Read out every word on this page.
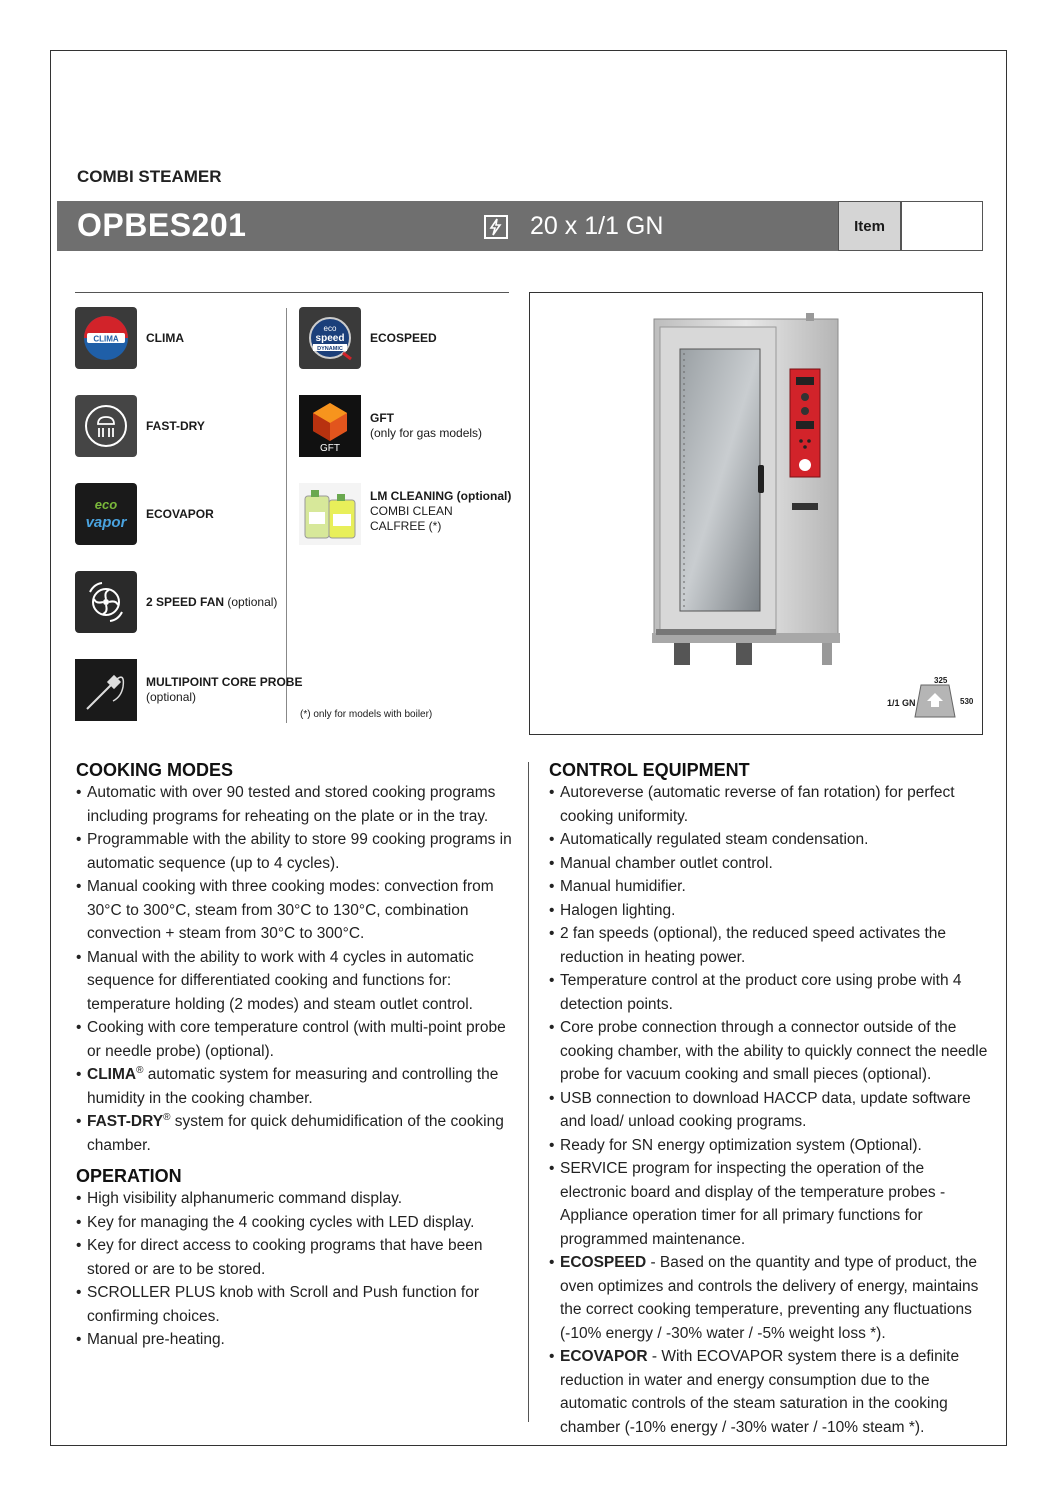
COMBI STEAMER
OPBES201	20 x 1/1 GN	Item
CLIMA CLIMA
FAST-DRY
eco
vapor
ECOVAPOR
2 SPEED FAN (optional)
MULTIPOINT CORE PROBE
(optional)
eco
speed
DYNAMIC
ECOSPEED
GFT
GFT
(only for gas models)
LM CLEANING (optional)
COMBI CLEAN
CALFREE (*)
(*) only for models with boiler)
1/1 GN
325
530
COOKING MODES
• Automatic with over 90 tested and stored cooking programs including programs for reheating on the plate or in the tray.
• Programmable with the ability to store 99 cooking programs in automatic sequence (up to 4 cycles).
• Manual cooking with three cooking modes: convection from 30°C to 300°C, steam from 30°C to 130°C, combination convection + steam from 30°C to 300°C.
• Manual with the ability to work with 4 cycles in automatic sequence for differentiated cooking and functions for: temperature holding (2 modes) and steam outlet control.
• Cooking with core temperature control (with multi-point probe or needle probe) (optional).
• CLIMA® automatic system for measuring and controlling the humidity in the cooking chamber.
• FAST-DRY® system for quick dehumidification of the cooking chamber.
OPERATION
• High visibility alphanumeric command display.
• Key for managing the 4 cooking cycles with LED display.
• Key for direct access to cooking programs that have been stored or are to be stored.
• SCROLLER PLUS knob with Scroll and Push function for confirming choices.
• Manual pre-heating.
CONTROL EQUIPMENT
• Autoreverse (automatic reverse of fan rotation) for perfect cooking uniformity.
• Automatically regulated steam condensation.
• Manual chamber outlet control.
• Manual humidifier.
• Halogen lighting.
• 2 fan speeds (optional), the reduced speed activates the reduction in heating power.
• Temperature control at the product core using probe with 4 detection points.
• Core probe connection through a connector outside of the cooking chamber, with the ability to quickly connect the needle probe for vacuum cooking and small pieces (optional).
• USB connection to download HACCP data, update software and load/ unload cooking programs.
• Ready for SN energy optimization system (Optional).
• SERVICE program for inspecting the operation of the electronic board and display of the temperature probes - Appliance operation timer for all primary functions for programmed maintenance.
• ECOSPEED - Based on the quantity and type of product, the oven optimizes and controls the delivery of energy, maintains the correct cooking temperature, preventing any fluctuations (-10% energy / -30% water / -5% weight loss *).
• ECOVAPOR - With ECOVAPOR system there is a definite reduction in water and energy consumption due to the automatic controls of the steam saturation in the cooking chamber (-10% energy / -30% water / -10% steam *).
